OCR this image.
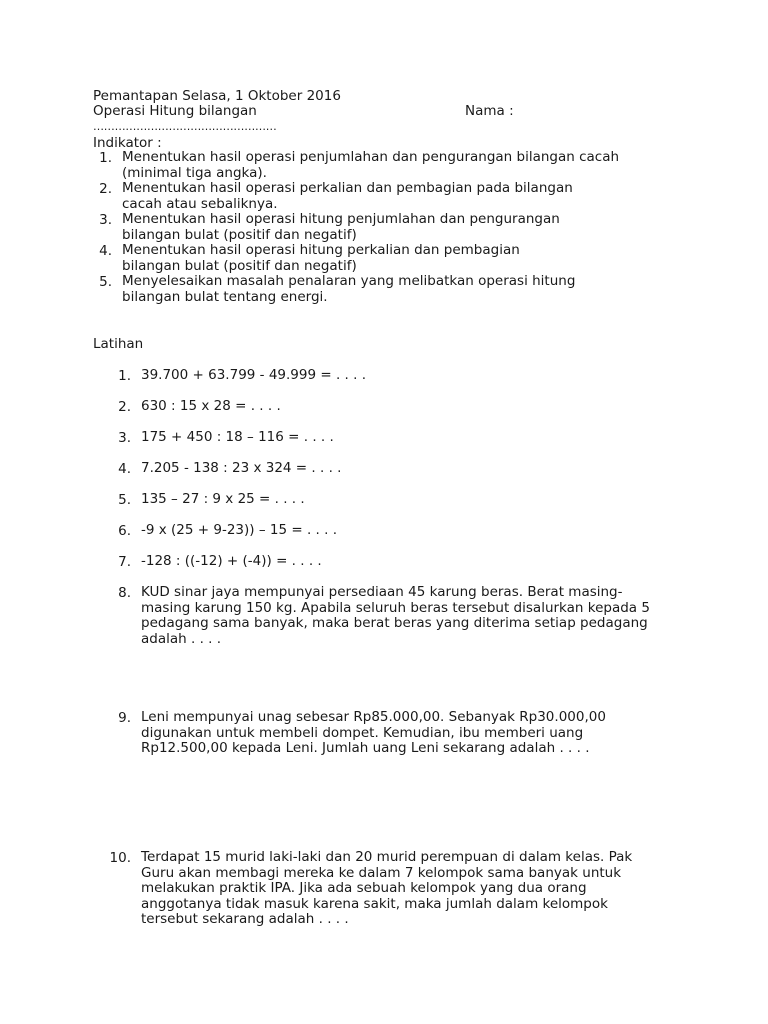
Pemantapan Selasa, 1 Oktober 2016
Operasi Hitung bilangan	Nama :
……………………………………………
Indikator :
1. Menentukan hasil operasi penjumlahan dan pengurangan bilangan cacah
(minimal tiga angka).
2. Menentukan hasil operasi perkalian dan pembagian pada bilangan
cacah atau sebaliknya.
3. Menentukan hasil operasi hitung penjumlahan dan pengurangan
bilangan bulat (positif dan negatif)
4. Menentukan hasil operasi hitung perkalian dan pembagian
bilangan bulat (positif dan negatif)
5. Menyelesaikan masalah penalaran yang melibatkan operasi hitung
bilangan bulat tentang energi.
Latihan
1. 39.700 + 63.799 - 49.999 = . . . .
2. 630 : 15 x 28 = . . . .
3. 175 + 450 : 18 – 116 = . . . .
4. 7.205 - 138 : 23 x 324 = . . . .
5. 135 – 27 : 9 x 25 = . . . .
6. -9 x (25 + 9-23)) – 15 = . . . .
7. -128 : ((-12) + (-4)) = . . . .
8. KUD sinar jaya mempunyai persediaan 45 karung beras. Berat masing-
masing karung 150 kg. Apabila seluruh beras tersebut disalurkan kepada 5
pedagang sama banyak, maka berat beras yang diterima setiap pedagang
adalah . . . .
9. Leni mempunyai unag sebesar Rp85.000,00. Sebanyak Rp30.000,00
digunakan untuk membeli dompet. Kemudian, ibu memberi uang
Rp12.500,00 kepada Leni. Jumlah uang Leni sekarang adalah . . . .
10. Terdapat 15 murid laki-laki dan 20 murid perempuan di dalam kelas. Pak
Guru akan membagi mereka ke dalam 7 kelompok sama banyak untuk
melakukan praktik IPA. Jika ada sebuah kelompok yang dua orang
anggotanya tidak masuk karena sakit, maka jumlah dalam kelompok
tersebut sekarang adalah . . . .
